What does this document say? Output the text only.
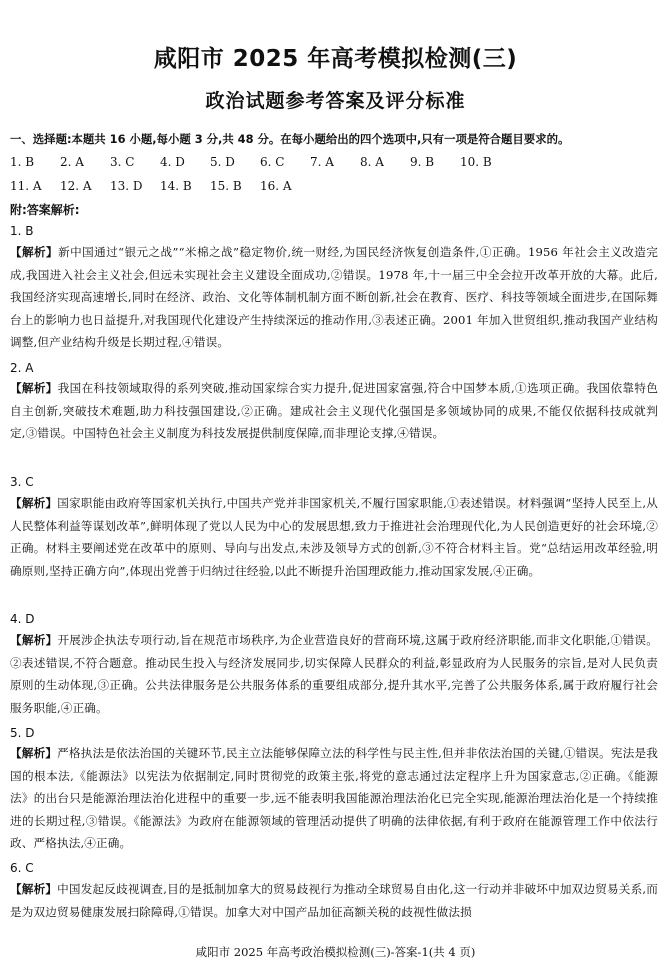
咸阳市 2025 年高考模拟检测(三)
政治试题参考答案及评分标准
一、选择题:本题共 16 小题,每小题 3 分,共 48 分。在每小题给出的四个选项中,只有一项是符合题目要求的。
1. B 2. A 3. C 4. D 5. D 6. C 7. A 8. A 9. B 10. B
11. A 12. A 13. D 14. B 15. B 16. A
附:答案解析:
1. B
【解析】新中国通过“银元之战”“米棉之战”稳定物价,统一财经,为国民经济恢复创造条件,①正确。1956 年社会主义改造完成,我国进入社会主义社会,但远未实现社会主义建设全面成功,②错误。1978 年,十一届三中全会拉开改革开放的大幕。此后,我国经济实现高速增长,同时在经济、政治、文化等体制机制方面不断创新,社会在教育、医疗、科技等领域全面进步,在国际舞台上的影响力也日益提升,对我国现代化建设产生持续深远的推动作用,③表述正确。2001 年加入世贸组织,推动我国产业结构调整,但产业结构升级是长期过程,④错误。
2. A
【解析】我国在科技领域取得的系列突破,推动国家综合实力提升,促进国家富强,符合中国梦本质,①选项正确。我国依靠特色自主创新,突破技术难题,助力科技强国建设,②正确。建成社会主义现代化强国是多领域协同的成果,不能仅依据科技成就判定,③错误。中国特色社会主义制度为科技发展提供制度保障,而非理论支撑,④错误。
3. C
【解析】国家职能由政府等国家机关执行,中国共产党并非国家机关,不履行国家职能,①表述错误。材料强调“坚持人民至上,从人民整体利益等谋划改革”,鲜明体现了党以人民为中心的发展思想,致力于推进社会治理现代化,为人民创造更好的社会环境,②正确。材料主要阐述党在改革中的原则、导向与出发点,未涉及领导方式的创新,③不符合材料主旨。党“总结运用改革经验,明确原则,坚持正确方向”,体现出党善于归纳过往经验,以此不断提升治国理政能力,推动国家发展,④正确。
4. D
【解析】开展涉企执法专项行动,旨在规范市场秩序,为企业营造良好的营商环境,这属于政府经济职能,而非文化职能,①错误。②表述错误,不符合题意。推动民生投入与经济发展同步,切实保障人民群众的利益,彰显政府为人民服务的宗旨,是对人民负责原则的生动体现,③正确。公共法律服务是公共服务体系的重要组成部分,提升其水平,完善了公共服务体系,属于政府履行社会服务职能,④正确。
5. D
【解析】严格执法是依法治国的关键环节,民主立法能够保障立法的科学性与民主性,但并非依法治国的关键,①错误。宪法是我国的根本法,《能源法》以宪法为依据制定,同时贯彻党的政策主张,将党的意志通过法定程序上升为国家意志,②正确。《能源法》的出台只是能源治理法治化进程中的重要一步,远不能表明我国能源治理法治化已完全实现,能源治理法治化是一个持续推进的长期过程,③错误。《能源法》为政府在能源领域的管理活动提供了明确的法律依据,有利于政府在能源管理工作中依法行政、严格执法,④正确。
6. C
【解析】中国发起反歧视调查,目的是抵制加拿大的贸易歧视行为推动全球贸易自由化,这一行动并非破坏中加双边贸易关系,而是为双边贸易健康发展扫除障碍,①错误。加拿大对中国产品加征高额关税的歧视性做法损
咸阳市 2025 年高考政治模拟检测(三)-答案-1(共 4 页)
